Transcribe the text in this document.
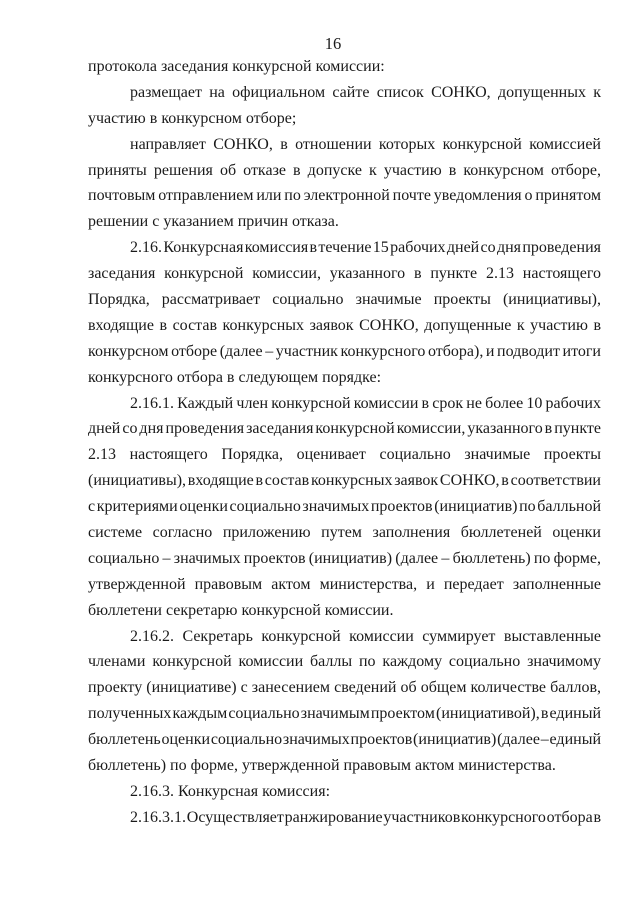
16
протокола заседания конкурсной комиссии:
размещает на официальном сайте список СОНКО, допущенных к
участию в конкурсном отборе;
направляет СОНКО, в отношении которых конкурсной комиссией
приняты решения об отказе в допуске к участию в конкурсном отборе,
почтовым отправлением или по электронной почте уведомления о принятом
решении с указанием причин отказа.
2.16. Конкурсная комиссия в течение 15 рабочих дней со дня проведения
заседания конкурсной комиссии, указанного в пункте 2.13 настоящего
Порядка, рассматривает социально значимые проекты (инициативы),
входящие в состав конкурсных заявок СОНКО, допущенные к участию в
конкурсном отборе (далее – участник конкурсного отбора), и подводит итоги
конкурсного отбора в следующем порядке:
2.16.1. Каждый член конкурсной комиссии в срок не более 10 рабочих
дней со дня проведения заседания конкурсной комиссии, указанного в пункте
2.13 настоящего Порядка, оценивает социально значимые проекты
(инициативы), входящие в состав конкурсных заявок СОНКО, в соответствии
с критериями оценки социально значимых проектов (инициатив) по балльной
системе согласно приложению путем заполнения бюллетеней оценки
социально – значимых проектов (инициатив) (далее – бюллетень) по форме,
утвержденной правовым актом министерства, и передает заполненные
бюллетени секретарю конкурсной комиссии.
2.16.2. Секретарь конкурсной комиссии суммирует выставленные
членами конкурсной комиссии баллы по каждому социально значимому
проекту (инициативе) с занесением сведений об общем количестве баллов,
полученных каждым социально значимым проектом (инициативой), в единый
бюллетень оценки социально значимых проектов (инициатив) (далее – единый
бюллетень) по форме, утвержденной правовым актом министерства.
2.16.3. Конкурсная комиссия:
2.16.3.1. Осуществляет ранжирование участников конкурсного отбора в
